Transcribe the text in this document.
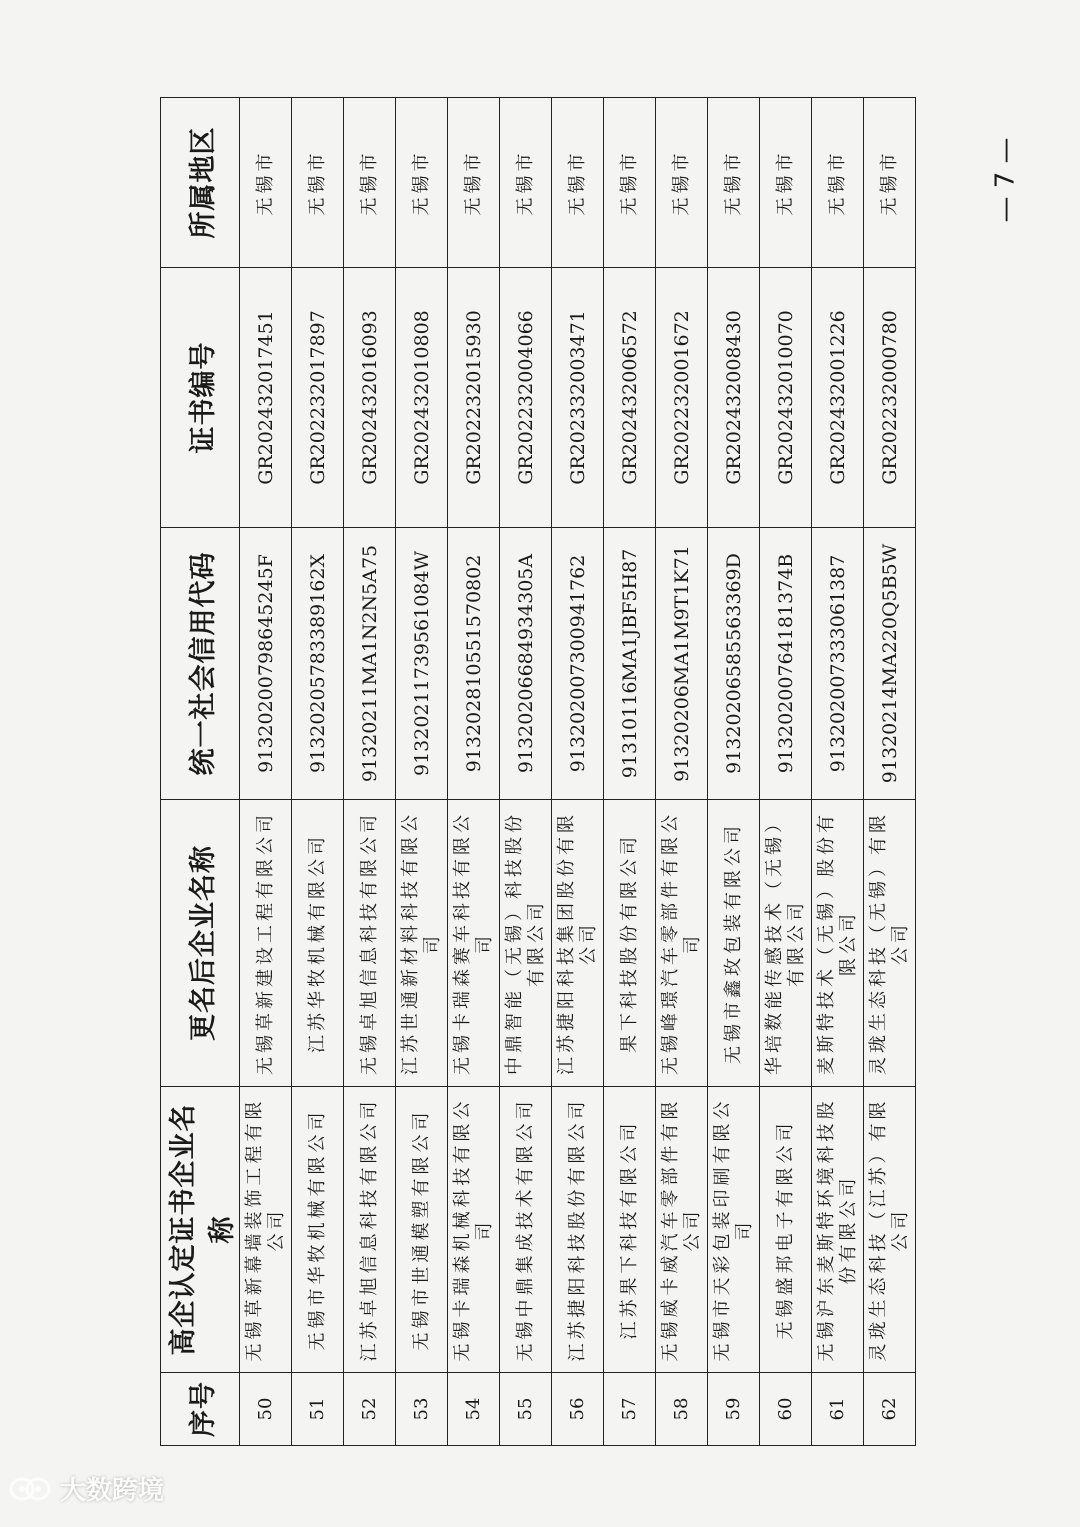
序号	高企认定证书企业名称	更名后企业名称	统一社会信用代码	证书编号	所属地区
50	无锡草新幕墙装饰工程有限公司	无锡草新建设工程有限公司	91320200798645245F	GR202432017451	无锡市
51	无锡市华牧机械有限公司	江苏华牧机械有限公司	91320205783389162X	GR202232017897	无锡市
52	江苏卓旭信息科技有限公司	无锡卓旭信息科技有限公司	91320211MA1N2N5A75	GR202432016093	无锡市
53	无锡市世通模塑有限公司	江苏世通新材料科技有限公司	91320211739561084W	GR202432010808	无锡市
54	无锡卡瑞森机械科技有限公司	无锡卡瑞森赛车科技有限公司	913202810551570802	GR202232015930	无锡市
55	无锡中鼎集成技术有限公司	中鼎智能（无锡）科技股份有限公司	91320206684934305A	GR202232004066	无锡市
56	江苏捷阳科技股份有限公司	江苏捷阳科技集团股份有限公司	913202007300941762	GR202332003471	无锡市
57	江苏果下科技有限公司	果下科技股份有限公司	91310116MA1JBF5H87	GR202432006572	无锡市
58	无锡威卡威汽车零部件有限公司	无锡峰璟汽车零部件有限公司	91320206MA1M9T1K71	GR202232001672	无锡市
59	无锡市天彩包装印刷有限公司	无锡市鑫玫包装有限公司	91320206585563369D	GR202432008430	无锡市
60	无锡盛邦电子有限公司	华培数能传感技术（无锡）有限公司	91320200764181374B	GR202432010070	无锡市
61	无锡沪东麦斯特环境科技股份有限公司	麦斯特技术（无锡）股份有限公司	913202007333061387	GR202432001226	无锡市
62	灵珑生态科技（江苏）有限公司	灵珑生态科技（无锡）有限公司	91320214MA220Q5B5W	GR202232000780	无锡市	— 7 —
大数跨境
